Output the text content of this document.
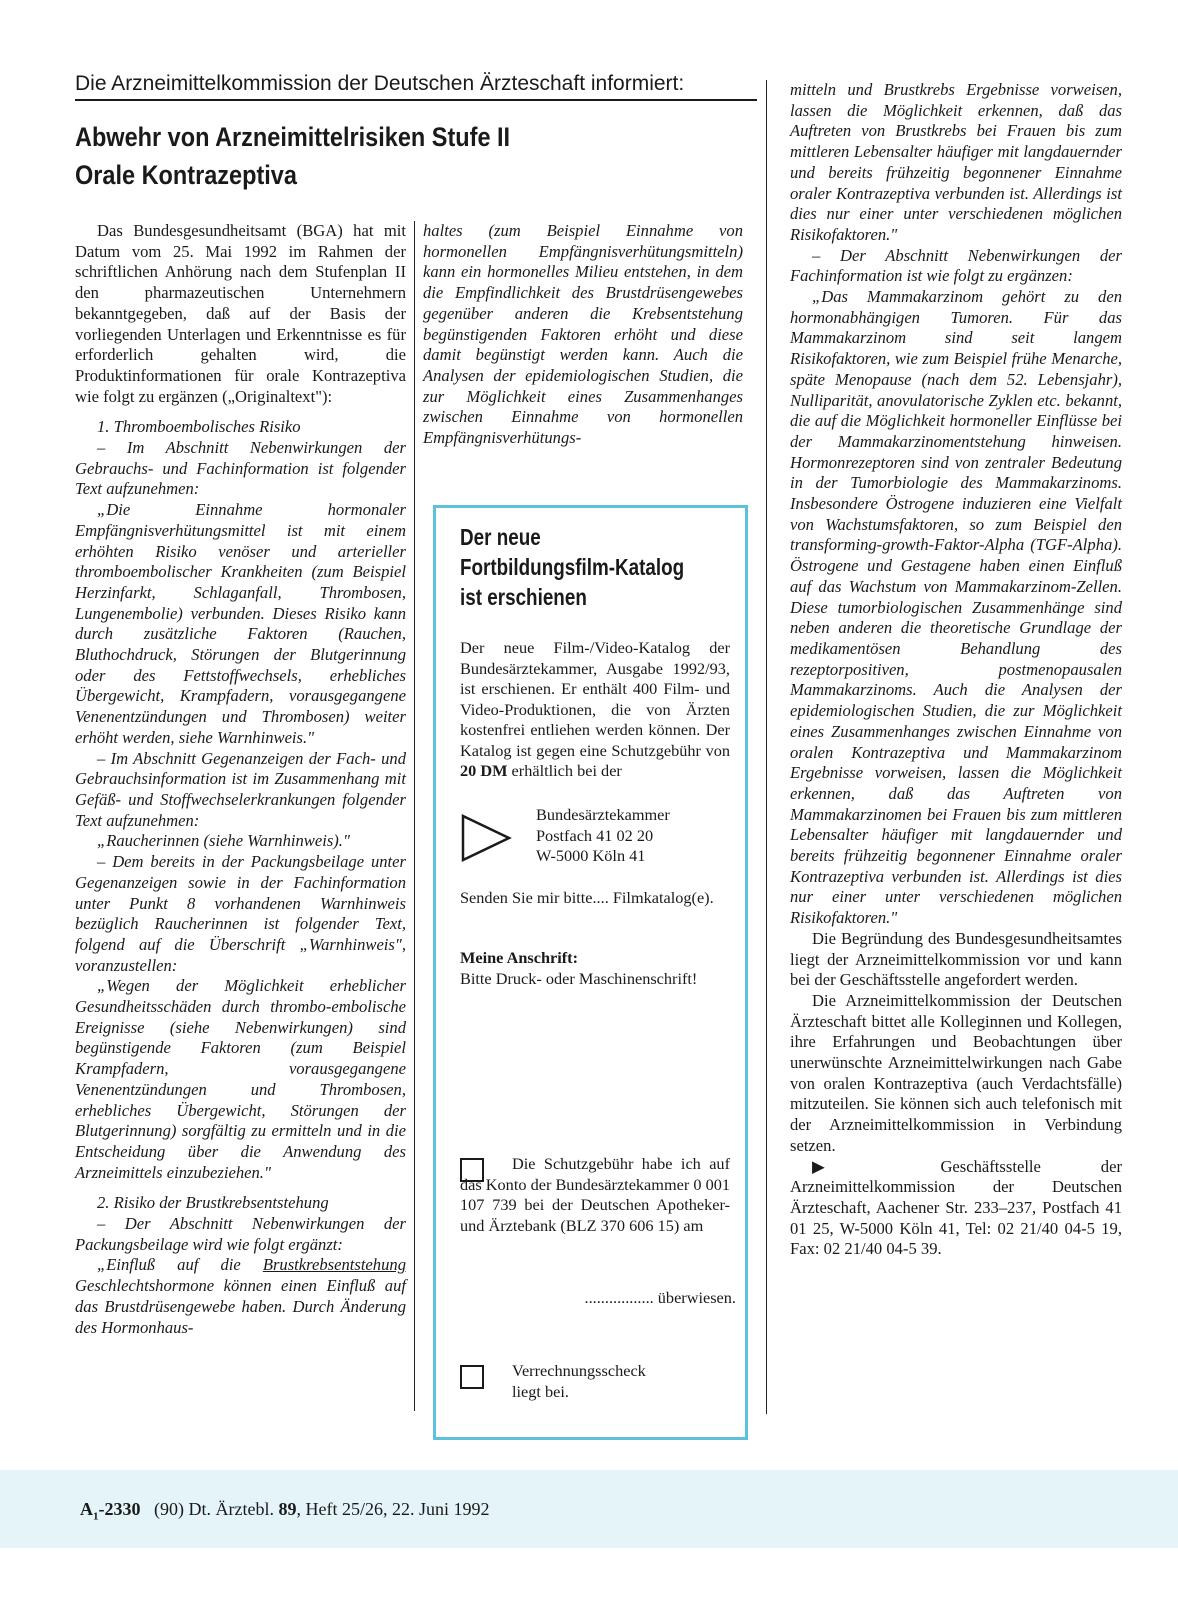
Die Arzneimittelkommission der Deutschen Ärzteschaft informiert:
Abwehr von Arzneimittelrisiken Stufe II
Orale Kontrazeptiva

Das Bundesgesundheitsamt (BGA) hat mit Datum vom 25. Mai 1992 im Rahmen der schriftlichen Anhörung nach dem Stufenplan II den pharmazeutischen Unternehmern bekanntgegeben, daß auf der Basis der vorliegenden Unterlagen und Erkenntnisse es für erforderlich gehalten wird, die Produktinformationen für orale Kontrazeptiva wie folgt zu ergänzen („Originaltext"):

1. Thromboembolisches Risiko

– Im Abschnitt Nebenwirkungen der Gebrauchs- und Fachinformation ist folgender Text aufzunehmen:

„Die Einnahme hormonaler Empfängnisverhütungsmittel ist mit einem erhöhten Risiko venöser und arterieller thromboembolischer Krankheiten (zum Beispiel Herzinfarkt, Schlaganfall, Thrombosen, Lungenembolie) verbunden. Dieses Risiko kann durch zusätzliche Faktoren (Rauchen, Bluthochdruck, Störungen der Blutgerinnung oder des Fettstoffwechsels, erhebliches Übergewicht, Krampfadern, vorausgegangene Venenentzündungen und Thrombosen) weiter erhöht werden, siehe Warnhinweis."

– Im Abschnitt Gegenanzeigen der Fach- und Gebrauchsinformation ist im Zusammenhang mit Gefäß- und Stoffwechselerkrankungen folgender Text aufzunehmen:

„Raucherinnen (siehe Warnhinweis)."

– Dem bereits in der Packungsbeilage unter Gegenanzeigen sowie in der Fachinformation unter Punkt 8 vorhandenen Warnhinweis bezüglich Raucherinnen ist folgender Text, folgend auf die Überschrift „Warnhinweis", voranzustellen:

„Wegen der Möglichkeit erheblicher Gesundheitsschäden durch thrombo-embolische Ereignisse (siehe Nebenwirkungen) sind begünstigende Faktoren (zum Beispiel Krampfadern, vorausgegangene Venenentzündungen und Thrombosen, erhebliches Übergewicht, Störungen der Blutgerinnung) sorgfältig zu ermitteln und in die Entscheidung über die Anwendung des Arzneimittels einzubeziehen."

2. Risiko der Brustkrebsentstehung

– Der Abschnitt Nebenwirkungen der Packungsbeilage wird wie folgt ergänzt:

„Einfluß auf die Brustkrebsentstehung Geschlechtshormone können einen Einfluß auf das Brustdrüsengewebe haben. Durch Änderung des Hormonhaus-

haltes (zum Beispiel Einnahme von hormonellen Empfängnisverhütungsmitteln) kann ein hormonelles Milieu entstehen, in dem die Empfindlichkeit des Brustdrüsengewebes gegenüber anderen die Krebsentstehung begünstigenden Faktoren erhöht und diese damit begünstigt werden kann. Auch die Analysen der epidemiologischen Studien, die zur Möglichkeit eines Zusammenhanges zwischen Einnahme von hormonellen Empfängnisverhütungs-

Der neue
Fortbildungsfilm-Katalog
ist erschienen

Der neue Film-/Video-Katalog der Bundesärztekammer, Ausgabe 1992/93, ist erschienen. Er enthält 400 Film- und Video-Produktionen, die von Ärzten kostenfrei entliehen werden können. Der Katalog ist gegen eine Schutzgebühr von 20 DM erhältlich bei der

Bundesärztekammer
Postfach 41 02 20
W-5000 Köln 41

Senden Sie mir bitte.... Filmkatalog(e).

Meine Anschrift:

Bitte Druck- oder Maschinenschrift!

Die Schutzgebühr habe ich auf das Konto der Bundesärztekammer 0 001 107 739 bei der Deutschen Apotheker- und Ärztebank (BLZ 370 606 15) am

................. überwiesen.
Verrechnungsscheck
liegt bei.

mitteln und Brustkrebs Ergebnisse vorweisen, lassen die Möglichkeit erkennen, daß das Auftreten von Brustkrebs bei Frauen bis zum mittleren Lebensalter häufiger mit langdauernder und bereits frühzeitig begonnener Einnahme oraler Kontrazeptiva verbunden ist. Allerdings ist dies nur einer unter verschiedenen möglichen Risikofaktoren."

– Der Abschnitt Nebenwirkungen der Fachinformation ist wie folgt zu ergänzen:

„Das Mammakarzinom gehört zu den hormonabhängigen Tumoren. Für das Mammakarzinom sind seit langem Risikofaktoren, wie zum Beispiel frühe Menarche, späte Menopause (nach dem 52. Lebensjahr), Nulliparität, anovulatorische Zyklen etc. bekannt, die auf die Möglichkeit hormoneller Einflüsse bei der Mammakarzinomentstehung hinweisen. Hormonrezeptoren sind von zentraler Bedeutung in der Tumorbiologie des Mammakarzinoms. Insbesondere Östrogene induzieren eine Vielfalt von Wachstumsfaktoren, so zum Beispiel den transforming-growth-Faktor-Alpha (TGF-Alpha). Östrogene und Gestagene haben einen Einfluß auf das Wachstum von Mammakarzinom-Zellen. Diese tumorbiologischen Zusammenhänge sind neben anderen die theoretische Grundlage der medikamentösen Behandlung des rezeptorpositiven, postmenopausalen Mammakarzinoms. Auch die Analysen der epidemiologischen Studien, die zur Möglichkeit eines Zusammenhanges zwischen Einnahme von oralen Kontrazeptiva und Mammakarzinom Ergebnisse vorweisen, lassen die Möglichkeit erkennen, daß das Auftreten von Mammakarzinomen bei Frauen bis zum mittleren Lebensalter häufiger mit langdauernder und bereits frühzeitig begonnener Einnahme oraler Kontrazeptiva verbunden ist. Allerdings ist dies nur einer unter verschiedenen möglichen Risikofaktoren."

Die Begründung des Bundesgesundheitsamtes liegt der Arzneimittelkommission vor und kann bei der Geschäftsstelle angefordert werden.

Die Arzneimittelkommission der Deutschen Ärzteschaft bittet alle Kolleginnen und Kollegen, ihre Erfahrungen und Beobachtungen über unerwünschte Arzneimittelwirkungen nach Gabe von oralen Kontrazeptiva (auch Verdachtsfälle) mitzuteilen. Sie können sich auch telefonisch mit der Arzneimittelkommission in Verbindung setzen.

▶	Geschäftsstelle der Arzneimittelkommission der Deutschen Ärzteschaft, Aachener Str. 233–237, Postfach 41 01 25, W-5000 Köln 41, Tel: 02 21/40 04-5 19, Fax: 02 21/40 04-5 39.

$A_1-2330$ (90) Dt. Ärztebl. 89, Heft 25/26, 22. Juni 1992
